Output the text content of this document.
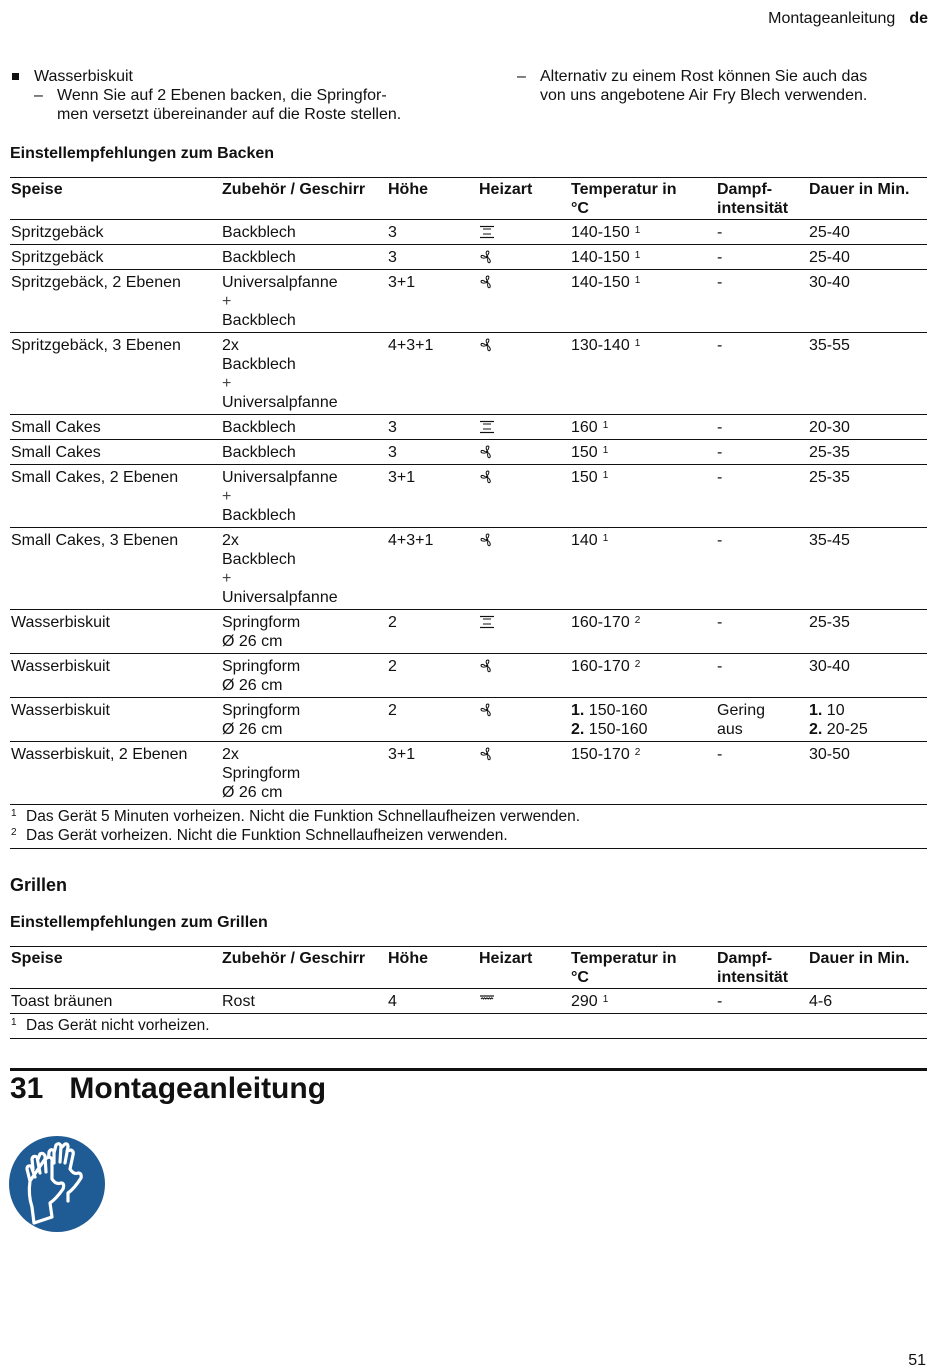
Montageanleitung de
Wasserbiskuit
– Wenn Sie auf 2 Ebenen backen, die Springfor-
men versetzt übereinander auf die Roste stellen.
– Alternativ zu einem Rost können Sie auch das
von uns angebotene Air Fry Blech verwenden.
Einstellempfehlungen zum Backen
Speise	Zubehör / Geschirr	Höhe	Heizart	Temperatur in
°C	Dampf-
intensität	Dauer in Min.
Spritzgebäck	Backblech	3		140-150 $^1$	-	25-40
Spritzgebäck	Backblech	3		140-150 $^1$	-	25-40
Spritzgebäck, 2 Ebenen	Universalpfanne
+
Backblech	3+1		140-150 $^1$	-	30-40
Spritzgebäck, 3 Ebenen	2x
Backblech
+
Universalpfanne	4+3+1		130-140 $^1$	-	35-55
Small Cakes	Backblech	3		160 $^1$	-	20-30
Small Cakes	Backblech	3		150 $^1$	-	25-35
Small Cakes, 2 Ebenen	Universalpfanne
+
Backblech	3+1		150 $^1$	-	25-35
Small Cakes, 3 Ebenen	2x
Backblech
+
Universalpfanne	4+3+1		140 $^1$	-	35-45
Wasserbiskuit	Springform
Ø 26 cm	2		160-170 $^2$	-	25-35
Wasserbiskuit	Springform
Ø 26 cm	2		160-170 $^2$	-	30-40
Wasserbiskuit	Springform
Ø 26 cm	2		1. 150-160
2. 150-160	Gering
aus	1. 10
2. 20-25
Wasserbiskuit, 2 Ebenen	2x
Springform
Ø 26 cm	3+1		150-170 $^2$	-	30-50

1 Das Gerät 5 Minuten vorheizen. Nicht die Funktion Schnellaufheizen verwenden.
2 Das Gerät vorheizen. Nicht die Funktion Schnellaufheizen verwenden.						
Grillen
Einstellempfehlungen zum Grillen
Speise	Zubehör / Geschirr	Höhe	Heizart	Temperatur in
°C	Dampf-
intensität	Dauer in Min.
Toast bräunen	Rost	4		290 $^1$	-	4-6

1 Das Gerät nicht vorheizen.						
31 Montageanleitung
51
